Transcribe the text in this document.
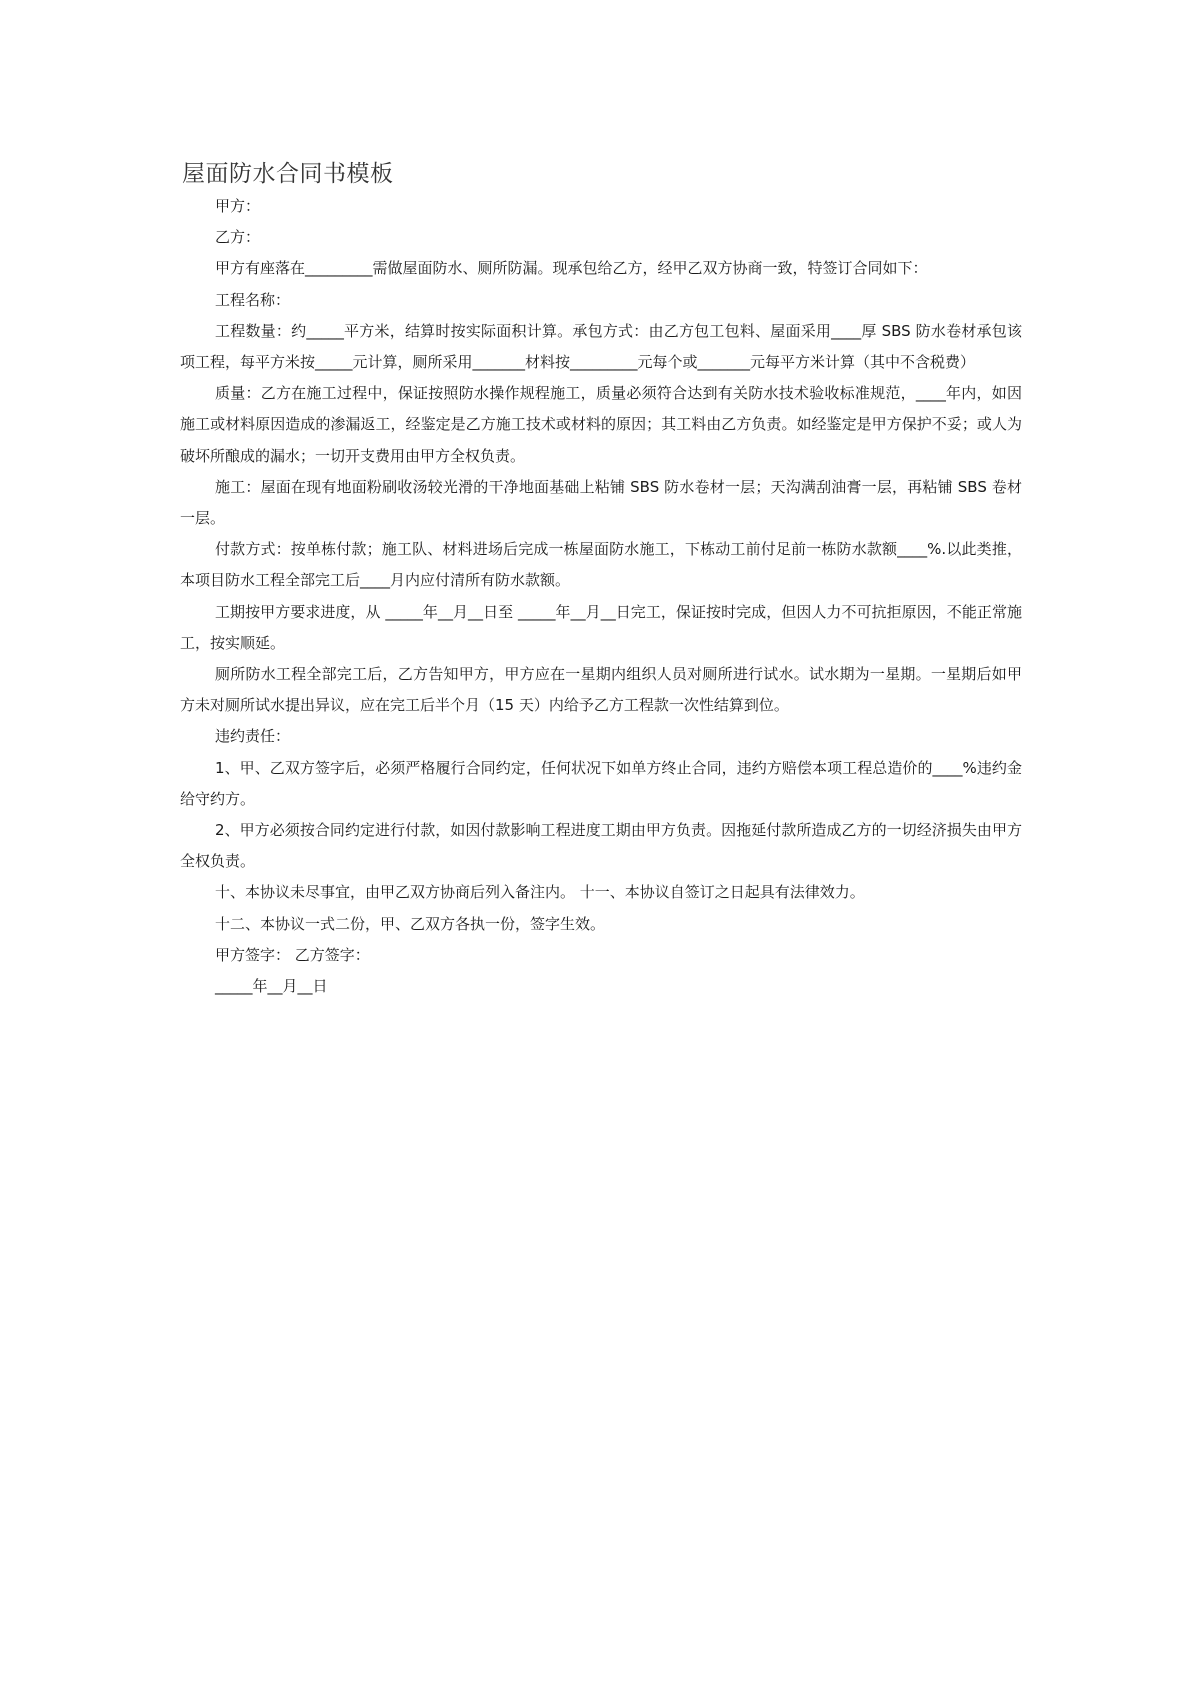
屋面防水合同书模板

甲方：

乙方：

甲方有座落在_________需做屋面防水、厕所防漏。现承包给乙方，经甲乙双方协商一致，特签订合同如下：

工程名称：

工程数量：约_____平方米，结算时按实际面积计算。承包方式：由乙方包工包料、屋面采用____厚 SBS 防水卷材承包该项工程，每平方米按_____元计算，厕所采用_______材料按_________元每个或_______元每平方米计算（其中不含税费）

质量：乙方在施工过程中，保证按照防水操作规程施工，质量必须符合达到有关防水技术验收标准规范，____年内，如因施工或材料原因造成的渗漏返工，经鉴定是乙方施工技术或材料的原因；其工料由乙方负责。如经鉴定是甲方保护不妥；或人为破坏所酿成的漏水；一切开支费用由甲方全权负责。

施工：屋面在现有地面粉刷收汤较光滑的干净地面基础上粘铺 SBS 防水卷材一层；天沟满刮油膏一层，再粘铺 SBS 卷材一层。

付款方式：按单栋付款；施工队、材料进场后完成一栋屋面防水施工，下栋动工前付足前一栋防水款额____%.以此类推，本项目防水工程全部完工后____月内应付清所有防水款额。

工期按甲方要求进度，从 _____年__月__日至 _____年__月__日完工，保证按时完成，但因人力不可抗拒原因，不能正常施工，按实顺延。

厕所防水工程全部完工后，乙方告知甲方，甲方应在一星期内组织人员对厕所进行试水。试水期为一星期。一星期后如甲方未对厕所试水提出异议，应在完工后半个月（15 天）内给予乙方工程款一次性结算到位。

违约责任：

1、甲、乙双方签字后，必须严格履行合同约定，任何状况下如单方终止合同，违约方赔偿本项工程总造价的____%违约金给守约方。

2、甲方必须按合同约定进行付款，如因付款影响工程进度工期由甲方负责。因拖延付款所造成乙方的一切经济损失由甲方全权负责。

十、本协议未尽事宜，由甲乙双方协商后列入备注内。 十一、本协议自签订之日起具有法律效力。

十二、本协议一式二份，甲、乙双方各执一份，签字生效。

甲方签字： 乙方签字：

_____年__月__日
